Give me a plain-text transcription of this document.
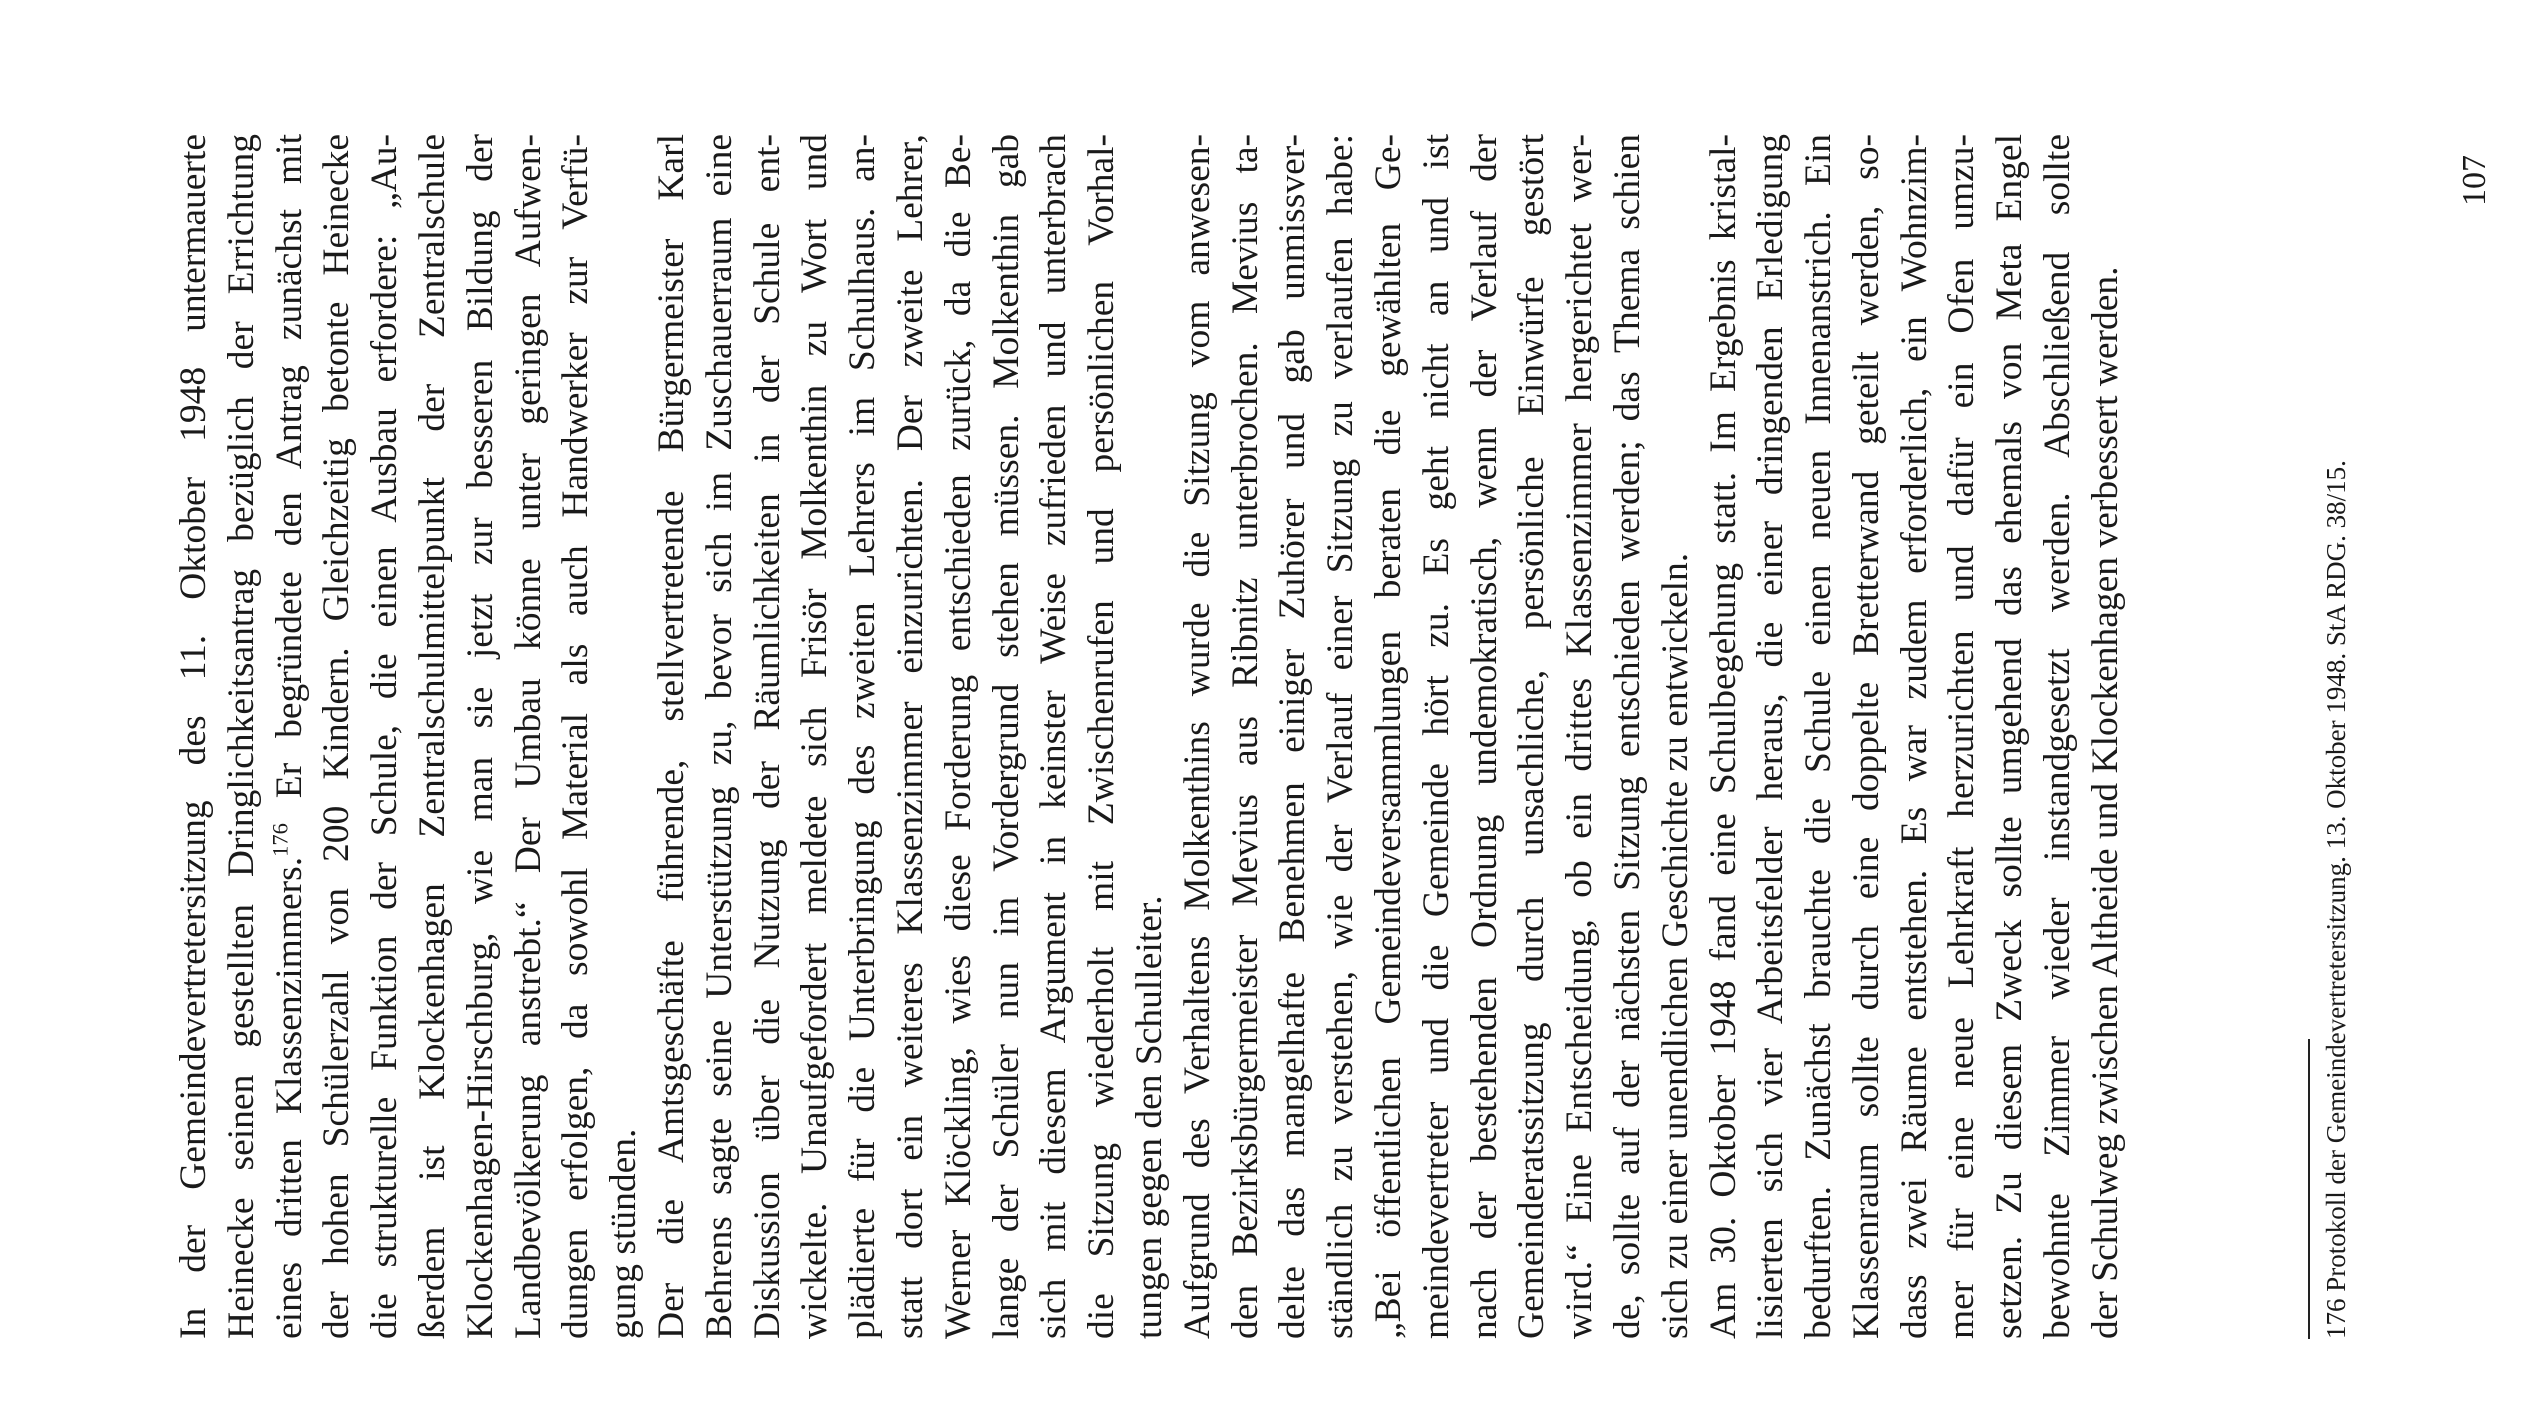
In der Gemeindevertretersitzung des 11. Oktober 1948 untermauerte Heinecke seinen gestellten Dringlichkeitsantrag bezüglich der Errichtung eines dritten Klassenzimmers.$^{176}$ Er begründete den Antrag zunächst mit der hohen Schülerzahl von 200 Kindern. Gleichzeitig betonte Heinecke die strukturelle Funktion der Schule, die einen Ausbau erfordere: „Au- ßerdem ist Klockenhagen Zentralschulmittelpunkt der Zentralschule Klockenhagen-Hirschburg, wie man sie jetzt zur besseren Bildung der Landbevölkerung anstrebt.“ Der Umbau könne unter geringen Aufwen- dungen erfolgen, da sowohl Material als auch Handwerker zur Verfü- gung stünden. Der die Amtsgeschäfte führende, stellvertretende Bürgermeister Karl Behrens sagte seine Unterstützung zu, bevor sich im Zuschauerraum eine Diskussion über die Nutzung der Räumlichkeiten in der Schule ent- wickelte. Unaufgefordert meldete sich Frisör Molkenthin zu Wort und plädierte für die Unterbringung des zweiten Lehrers im Schulhaus. an- statt dort ein weiteres Klassenzimmer einzurichten. Der zweite Lehrer, Werner Klöckling, wies diese Forderung entschieden zurück, da die Be- lange der Schüler nun im Vordergrund stehen müssen. Molkenthin gab sich mit diesem Argument in keinster Weise zufrieden und unterbrach die Sitzung wiederholt mit Zwischenrufen und persönlichen Vorhal- tungen gegen den Schulleiter. Aufgrund des Verhaltens Molkenthins wurde die Sitzung vom anwesen- den Bezirksbürgermeister Mevius aus Ribnitz unterbrochen. Mevius ta- delte das mangelhafte Benehmen einiger Zuhörer und gab unmissver- ständlich zu verstehen, wie der Verlauf einer Sitzung zu verlaufen habe: „Bei öffentlichen Gemeindeversammlungen beraten die gewählten Ge- meindevertreter und die Gemeinde hört zu. Es geht nicht an und ist nach der bestehenden Ordnung undemokratisch, wenn der Verlauf der Gemeinderatssitzung durch unsachliche, persönliche Einwürfe gestört wird.“ Eine Entscheidung, ob ein drittes Klassenzimmer hergerichtet wer- de, sollte auf der nächsten Sitzung entschieden werden; das Thema schien sich zu einer unendlichen Geschichte zu entwickeln. Am 30. Oktober 1948 fand eine Schulbegehung statt. Im Ergebnis kristal- lisierten sich vier Arbeitsfelder heraus, die einer dringenden Erledigung bedurften. Zunächst brauchte die Schule einen neuen Innenanstrich. Ein Klassenraum sollte durch eine doppelte Bretterwand geteilt werden, so- dass zwei Räume entstehen. Es war zudem erforderlich, ein Wohnzim- mer für eine neue Lehrkraft herzurichten und dafür ein Ofen umzu- setzen. Zu diesem Zweck sollte umgehend das ehemals von Meta Engel bewohnte Zimmer wieder instandgesetzt werden. Abschließend sollte der Schulweg zwischen Altheide und Klockenhagen verbessert werden.	176 Protokoll der Gemeindevertretersitzung. 13. Oktober 1948. StA RDG. 38/15.
107
